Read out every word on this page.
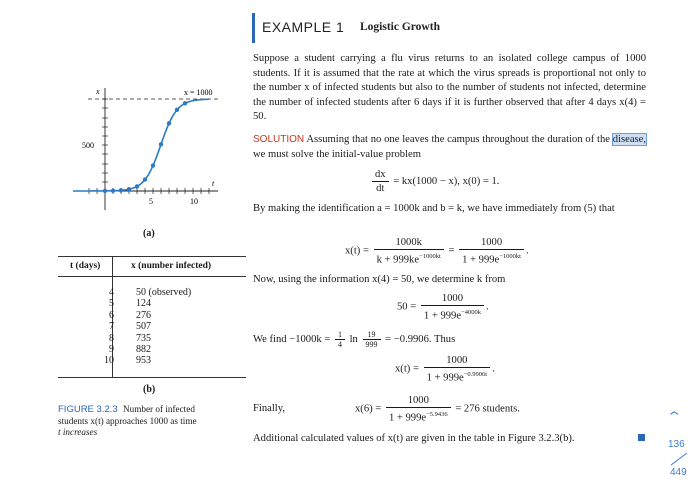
EXAMPLE 1 Logistic Growth
Suppose a student carrying a flu virus returns to an isolated college campus of 1000 students. If it is assumed that the rate at which the virus spreads is proportional not only to the number x of infected students but also to the number of students not infected, determine the number of infected students after 6 days if it is further observed that after 4 days x(4) = 50.
SOLUTION Assuming that no one leaves the campus throughout the duration of the disease, we must solve the initial-value problem
$\frac{dx}{dt} = kx(1000 - x)$, x(0) = 1.
By making the identification a = 1000k and b = k, we have immediately from (5) that
$x(t) = \frac{1000k}{k + 999ke^{-1000kt}} = \frac{1000}{1 + 999e^{-1000kt}}$ .
Now, using the information x(4) = 50, we determine k from
$50 = \frac{1000}{1 + 999e^{-4000k}}$ .
We find $-1000k = \frac{1}{4}$ $\ln \frac{19}{999} = -0.9906$. Thus
$x(t) = \frac{1000}{1 + 999e^{-0.9906t}}$ .
Finally,	$x(6) = \frac{1000}{1 + 999e^{-5.9436}} = 276$ students.
Additional calculated values of x(t) are given in the table in Figure 3.2.3(b).
x
t
x = 1000
500
5	10
(a)
t (days)	x (number infected)
4 50 (observed)
5 124
6 276
7 507
8 735
9 882
10 953
(b)
FIGURE 3.2.3 Number of infected
students x(t) approaches 1000 as time
t increases
›
136
449
